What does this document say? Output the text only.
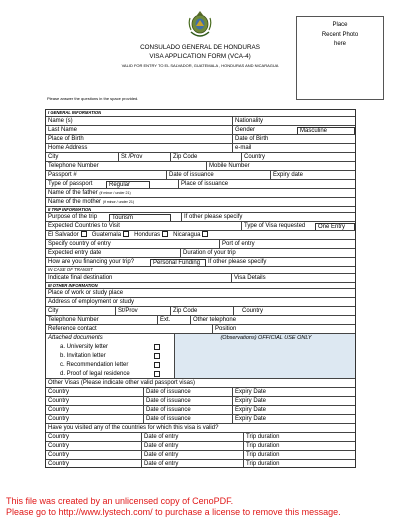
CONSULADO GENERAL DE HONDURAS
VISA APPLICATION FORM (VCA-4)
VALID FOR ENTRY TO EL SALVADOR, GUATEMALA , HONDURAS AND NICARAGUA
Place
Recent Photo
here
Please answer the questions in the space provided.
I GENERAL INFORMATION
Name (s)	Nationality
Last Name	Gender	Masculine
Place of Birth	Date of Birth
Home Address	e-mail
City	St /Prov	Zip Code	Country
Telephone Number	Mobile Number
Passport #	Date of issuance	Expiry date
Type of passport	Regular	Place of issuance
Name of the father (if minor / under 21)
Name of the mother (if minor / under 21)
II TRIP INFORMATION
Purpose of the trip	Tourism	If other please specify
Expected Countries to Visit	Type of Visa requested	One Entry
El Salvador Guatemala Honduras Nicaragua
Specify country of entry	Port of entry
Expected entry date	Duration of your trip
How are you financing your trip?	Personal Funding	If other please specify
IN CASE OF TRANSIT
Indicate final destination	Visa Details
III OTHER INFORMATION
Place of work or study place
Address of employment or study
City	St/Prov	Zip Code	Country
Telephone Number	Ext.	Other telephone
Reference contact	Position
Attached documents	(Observations) OFFICIAL USE ONLY
a. University letter
b. Invitation letter
c. Recommendation letter
d. Proof of legal residence
Other Visas (Please indicate other valid passport visas)
Country	Date of issuance	Expiry Date
Country	Date of issuance	Expiry Date
Country	Date of issuance	Expiry Date
Country	Date of issuance	Expiry Date
Have you visited any of the countries for which this visa is valid?
Country	Date of entry	Trip duration
Country	Date of entry	Trip duration
Country	Date of entry	Trip duration
Country	Date of entry	Trip duration
This file was created by an unlicensed copy of CenoPDF.
Please go to http://www.lystech.com/ to purchase a license to remove this message.
